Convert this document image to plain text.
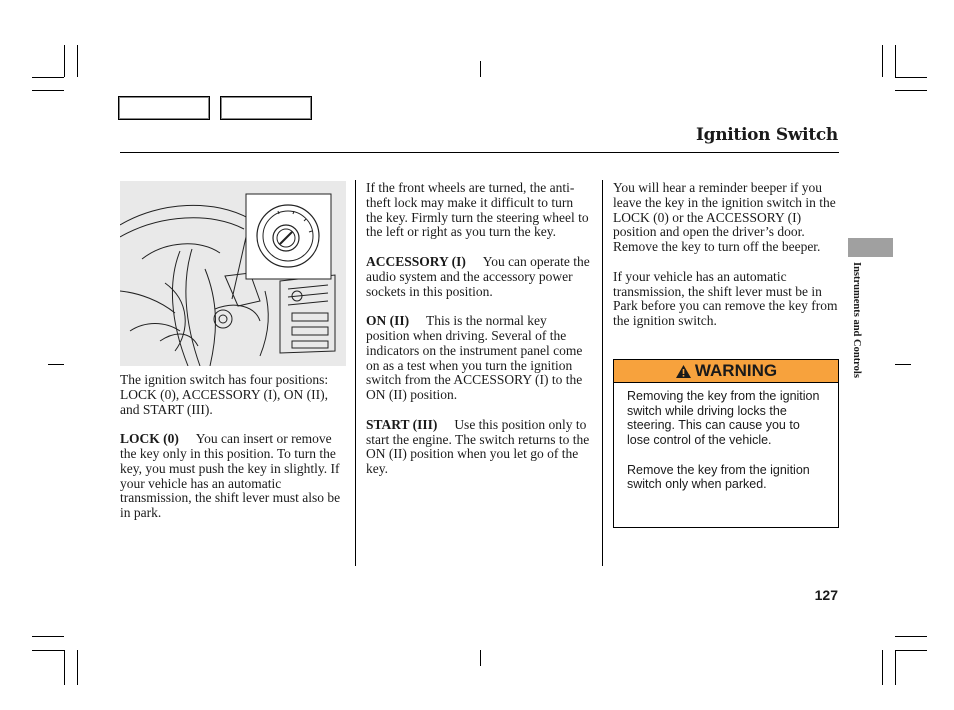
Ignition Switch

The ignition switch has four positions: LOCK (0), ACCESSORY (I), ON (II), and START (III).

LOCK (0)  You can insert or remove the key only in this position. To turn the key, you must push the key in slightly. If your vehicle has an automatic transmission, the shift lever must also be in park.

If the front wheels are turned, the anti-theft lock may make it difficult to turn the key. Firmly turn the steering wheel to the left or right as you turn the key.

ACCESSORY (I)  You can operate the audio system and the accessory power sockets in this position.

ON (II)  This is the normal key position when driving. Several of the indicators on the instrument panel come on as a test when you turn the ignition switch from the ACCESSORY (I) to the ON (II) position.

START (III)  Use this position only to start the engine. The switch returns to the ON (II) position when you let go of the key.

You will hear a reminder beeper if you leave the key in the ignition switch in the LOCK (0) or the ACCESSORY (I) position and open the driver’s door. Remove the key to turn off the beeper.

If your vehicle has an automatic transmission, the shift lever must be in Park before you can remove the key from the ignition switch.

WARNING

Removing the key from the ignition switch while driving locks the steering. This can cause you to lose control of the vehicle.

Remove the key from the ignition switch only when parked.

Instruments and Controls
127
